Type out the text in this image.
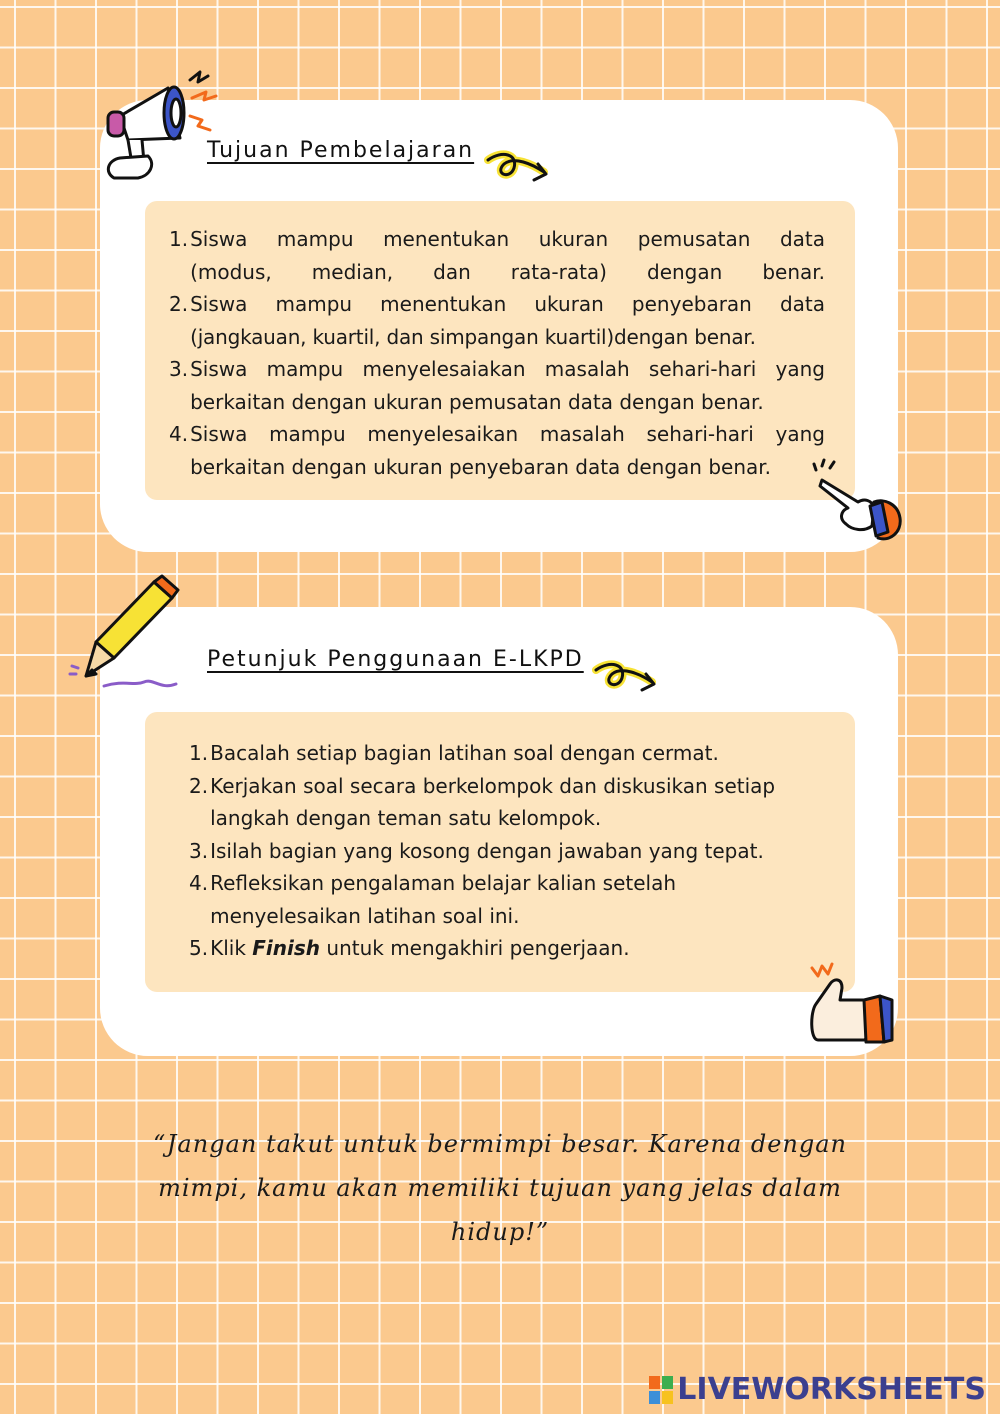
Tujuan Pembelajaran
1. Siswa mampu menentukan ukuran pemusatan data
(modus, median, dan rata-rata) dengan benar.
2. Siswa mampu menentukan ukuran penyebaran data
(jangkauan, kuartil, dan simpangan kuartil)dengan benar.
3. Siswa mampu menyelesaiakan masalah sehari-hari yang
berkaitan dengan ukuran pemusatan data dengan benar.
4. Siswa mampu menyelesaikan masalah sehari-hari yang
berkaitan dengan ukuran penyebaran data dengan benar.
Petunjuk Penggunaan E-LKPD
1. Bacalah setiap bagian latihan soal dengan cermat.
2. Kerjakan soal secara berkelompok dan diskusikan setiap langkah dengan teman satu kelompok.
3. Isilah bagian yang kosong dengan jawaban yang tepat.
4. Refleksikan pengalaman belajar kalian setelah menyelesaikan latihan soal ini.
5. Klik Finish untuk mengakhiri pengerjaan.

“Jangan takut untuk bermimpi besar. Karena dengan mimpi, kamu akan memiliki tujuan yang jelas dalam hidup!”

LIVEWORKSHEETS
